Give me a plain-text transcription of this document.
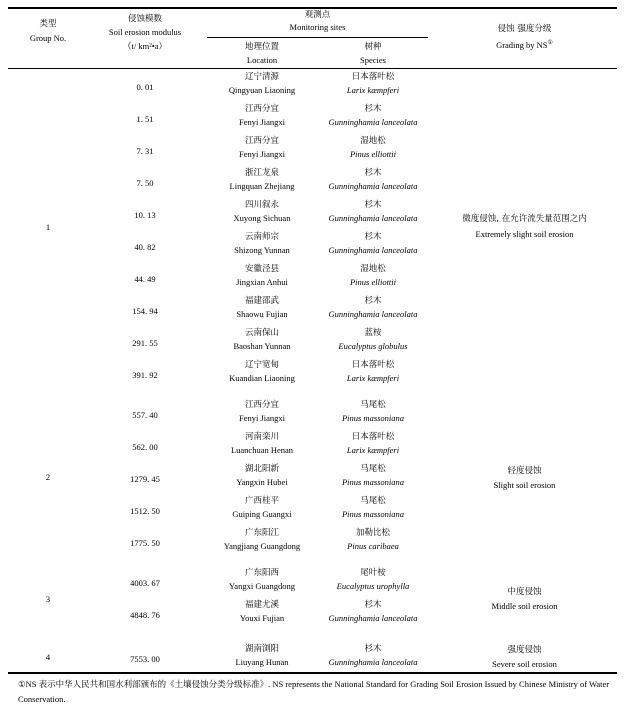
类型
Group No.
侵蚀模数
Soil erosion modulus
（t/ km²•a）
观测点
Monitoring sites
地理位置
Location
树种
Species
侵蚀 强度分级
Grading by NS①
0. 01
辽宁清源
Qingyuan Liaoning
日本落叶松
Larix kæmpferi
1. 51
江西分宜
Fenyi Jiangxi
杉木
Gunninghamia lanceolata
7. 31
江西分宜
Fenyi Jiangxi
湿地松
Pinus elliottii
7. 50
浙江龙泉
Lingquan Zhejiang
杉木
Gunninghamia lanceolata
10. 13
四川叙永
Xuyong Sichuan
杉木
Gunninghamia lanceolata
40. 82
云南师宗
Shizong Yunnan
杉木
Gunninghamia lanceolata
44. 49
安徽泾县
Jingxian Anhui
湿地松
Pinus elliottii
154. 94
福建邵武
Shaowu Fujian
杉木
Gunninghamia lanceolata
291. 55
云南保山
Baoshan Yunnan
蓝桉
Eucalyptus globulus
391. 92
辽宁宽甸
Kuandian Liaoning
日本落叶松
Larix kæmpferi
557. 40
江西分宜
Fenyi Jiangxi
马尾松
Pinus massoniana
562. 00
河南栾川
Luanchuan Henan
日本落叶松
Larix kæmpferi
1279. 45
湖北阳新
Yangxin Hubei
马尾松
Pinus massoniana
1512. 50
广西桂平
Guiping Guangxi
马尾松
Pinus massoniana
1775. 50
广东阳江
Yangjiang Guangdong
加勒比松
Pinus caribaea
4003. 67
广东阳西
Yangxi Guangdong
尾叶桉
Eucalyptus urophylla
4848. 76
福建尤溪
Youxi Fujian
杉木
Gunninghamia lanceolata
7553. 00
湖南浏阳
Liuyang Hunan
杉木
Gunninghamia lanceolata
1
微度侵蚀, 在允许流失量范围之内
Extremely slight soil erosion
2
轻度侵蚀
Slight soil erosion
3
中度侵蚀
Middle soil erosion
4
强度侵蚀
Severe soil erosion
①NS 表示中华人民共和国水利部颁布的《土壤侵蚀分类分级标准》. NS represents the National Standard for Grading Soil Erosion Issued by Chinese Ministry of Water Conservation.
